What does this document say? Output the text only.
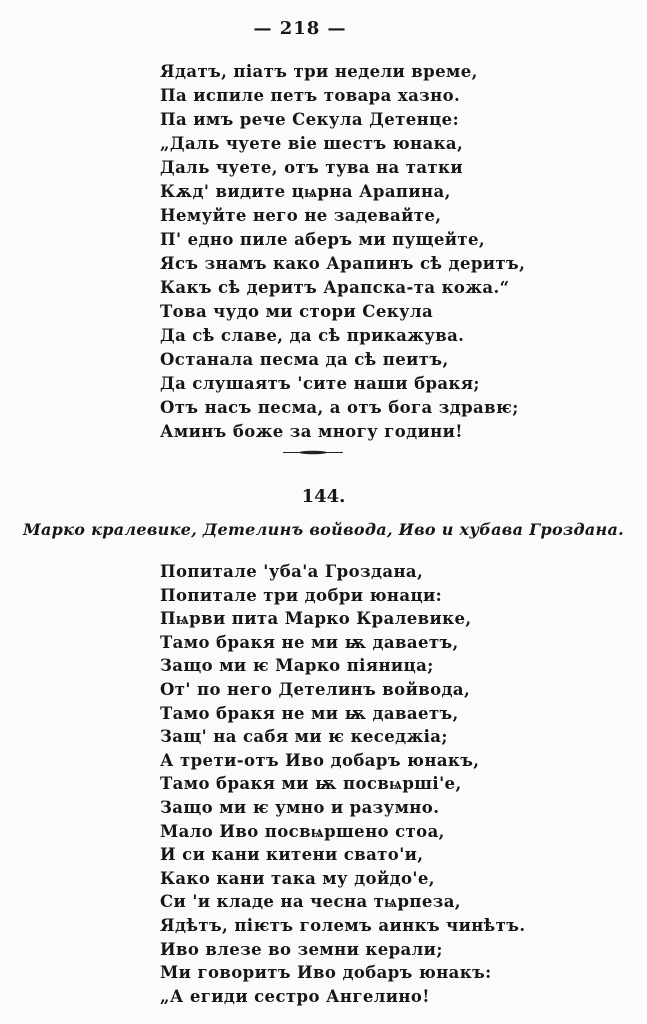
— 218 —
Ядатъ, піатъ три недели време,
Па испиле петъ товара хазно.
Па имъ рече Секула Детенце:
„Даль чуете віе шестъ юнака,
Даль чуете, отъ тува на татки
Кѫд' видите цѩрна Арапина,
Немуйте него не задевайте,
П' едно пиле аберъ ми пущейте,
Ясъ знамъ како Арапинъ сѣ деритъ,
Какъ сѣ деритъ Арапска-та кожа.“
Това чудо ми стори Секула
Да сѣ славе, да сѣ прикажува.
Останала песма да сѣ пеитъ,
Да слушаятъ 'сите наши бракя;
Отъ насъ песма, а отъ бога здравѥ;
Аминъ боже за многу години!
144.
Марко кралевике, Детелинъ войвода, Иво и хубава Гроздана.
Попитале 'уба'а Гроздана,
Попитале три добри юнаци:
Пѩрви пита Марко Кралевике,
Тамо бракя не ми ѭ даваетъ,
Защо ми ѥ Марко піяница;
От' по него Детелинъ войвода,
Тамо бракя не ми ѭ даваетъ,
Защ' на сабя ми ѥ кеседжіа;
А трети-отъ Иво добаръ юнакъ,
Тамо бракя ми ѭ посвѩрші'е,
Защо ми ѥ умно и разумно.
Мало Иво посвѩршено стоа,
И си кани китени свато'и,
Како кани така му дойдо'е,
Си 'и кладе на чесна тѩрпеза,
Ядѣтъ, піѥтъ големъ аинкъ чинѣтъ.
Иво влезе во земни керали;
Ми говоритъ Иво добаръ юнакъ:
„А егиди сестро Ангелино!
